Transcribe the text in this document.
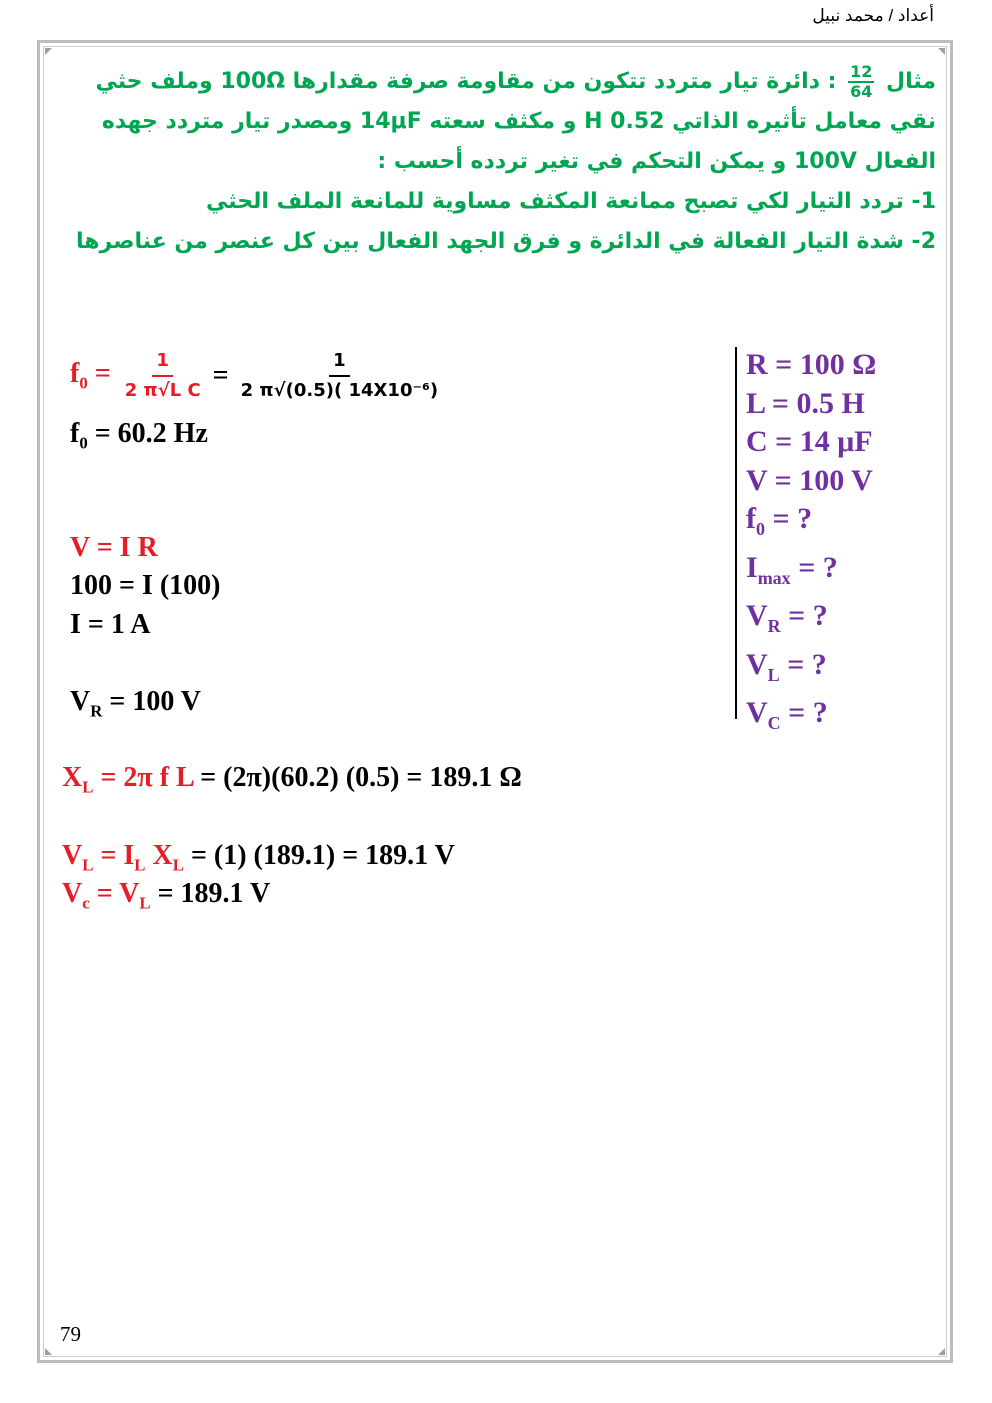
أعداد / محمد نبيل

مثال
$\frac{12}{64}$
: دائرة تيار متردد تتكون من مقاومة صرفة مقدارها 100Ω وملف حثي

نقي معامل تأثيره الذاتي 0.52 H و مكثف سعته 14μF ومصدر تيار متردد جهده

الفعال 100V و يمكن التحكم في تغير تردده أحسب :

1- تردد التيار لكي تصبح ممانعة المكثف مساوية للمانعة الملف الحثي

2- شدة التيار الفعالة في الدائرة و فرق الجهد الفعال بين كل عنصر من عناصرها

$f_0 = \frac{1}{\text{2 π√L C}} = \frac{1}{\text{2 π√(0.5)( 14X10⁻⁶)}}$
$f_0 = 60.2$ Hz
V = I R
100 = I (100)
I = 1 A
$V_R = 100$ V
$X_L = 2\pi$ f L = (2π)(60.2) (0.5) = 189.1 Ω
$V_L = I_L$ $X_L = (1) (189.1) = 189.1$ V
$V_c = V_L = 189.1$ V
R = 100 Ω
L = 0.5 H
C = 14 μF
V = 100 V
$f_0$ = ?
$I_{max}$ = ?
$V_R$ = ?
$V_L$ = ?
$V_C$ = ?
79
